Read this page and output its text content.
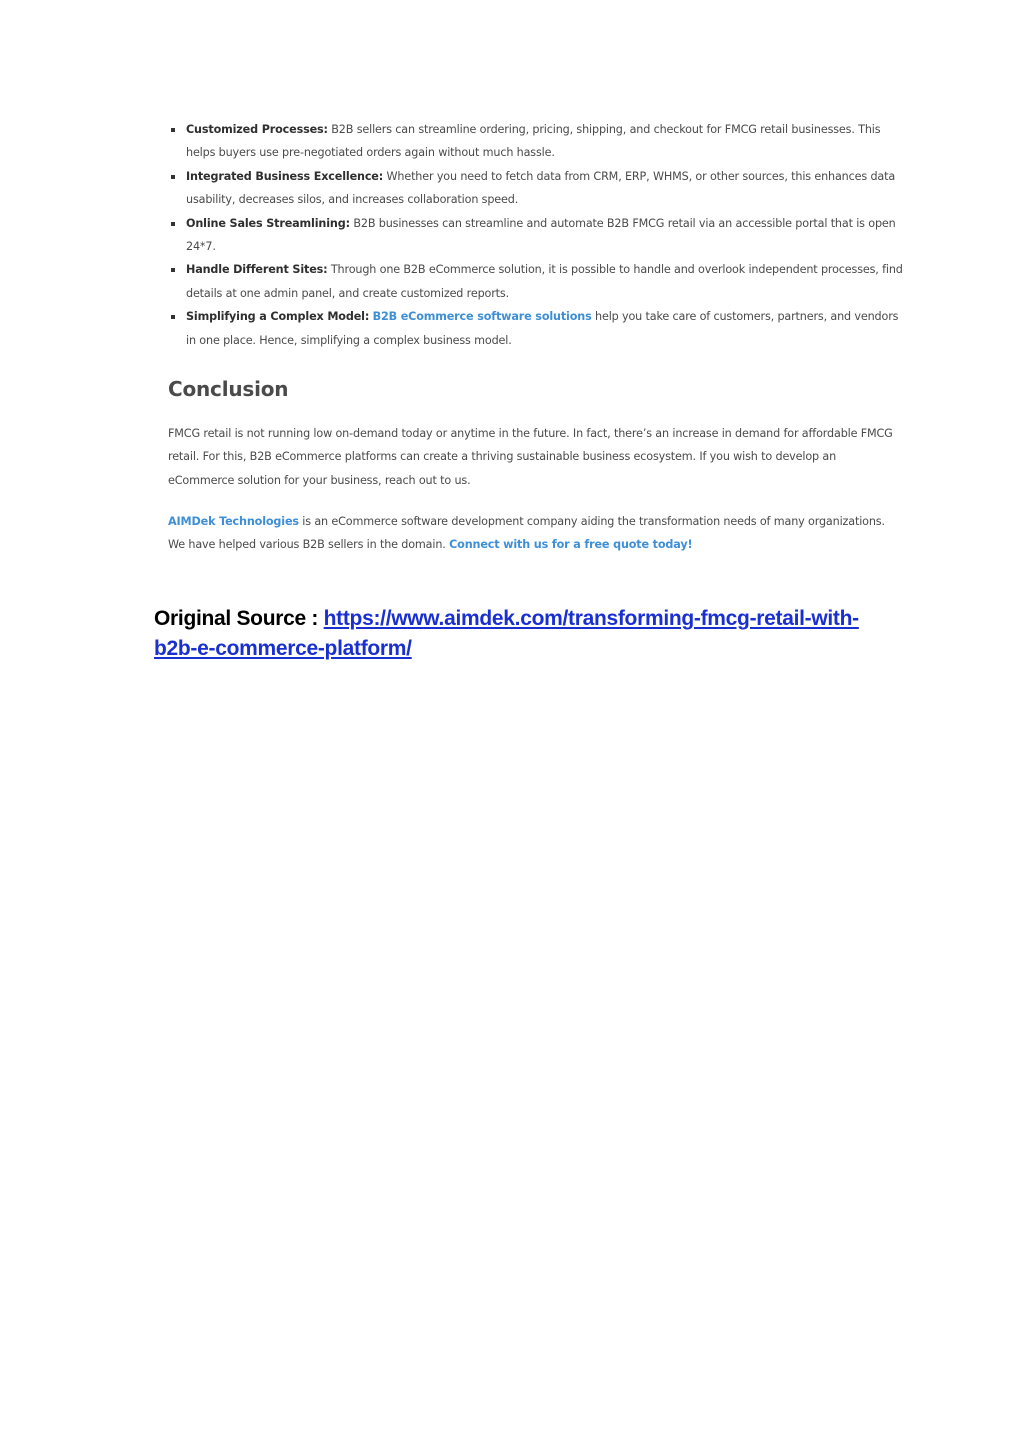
Customized Processes: B2B sellers can streamline ordering, pricing, shipping, and checkout for FMCG retail businesses. This helps buyers use pre-negotiated orders again without much hassle.
Integrated Business Excellence: Whether you need to fetch data from CRM, ERP, WHMS, or other sources, this enhances data usability, decreases silos, and increases collaboration speed.
Online Sales Streamlining: B2B businesses can streamline and automate B2B FMCG retail via an accessible portal that is open 24*7.
Handle Different Sites: Through one B2B eCommerce solution, it is possible to handle and overlook independent processes, find details at one admin panel, and create customized reports.
Simplifying a Complex Model: B2B eCommerce software solutions help you take care of customers, partners, and vendors in one place. Hence, simplifying a complex business model.
Conclusion

FMCG retail is not running low on-demand today or anytime in the future. In fact, there’s an increase in demand for affordable FMCG retail. For this, B2B eCommerce platforms can create a thriving sustainable business ecosystem. If you wish to develop an eCommerce solution for your business, reach out to us.

AIMDek Technologies is an eCommerce software development company aiding the transformation needs of many organizations. We have helped various B2B sellers in the domain. Connect with us for a free quote today!

Original Source : https://www.aimdek.com/transforming-fmcg-retail-with-b2b-e-commerce-platform/
